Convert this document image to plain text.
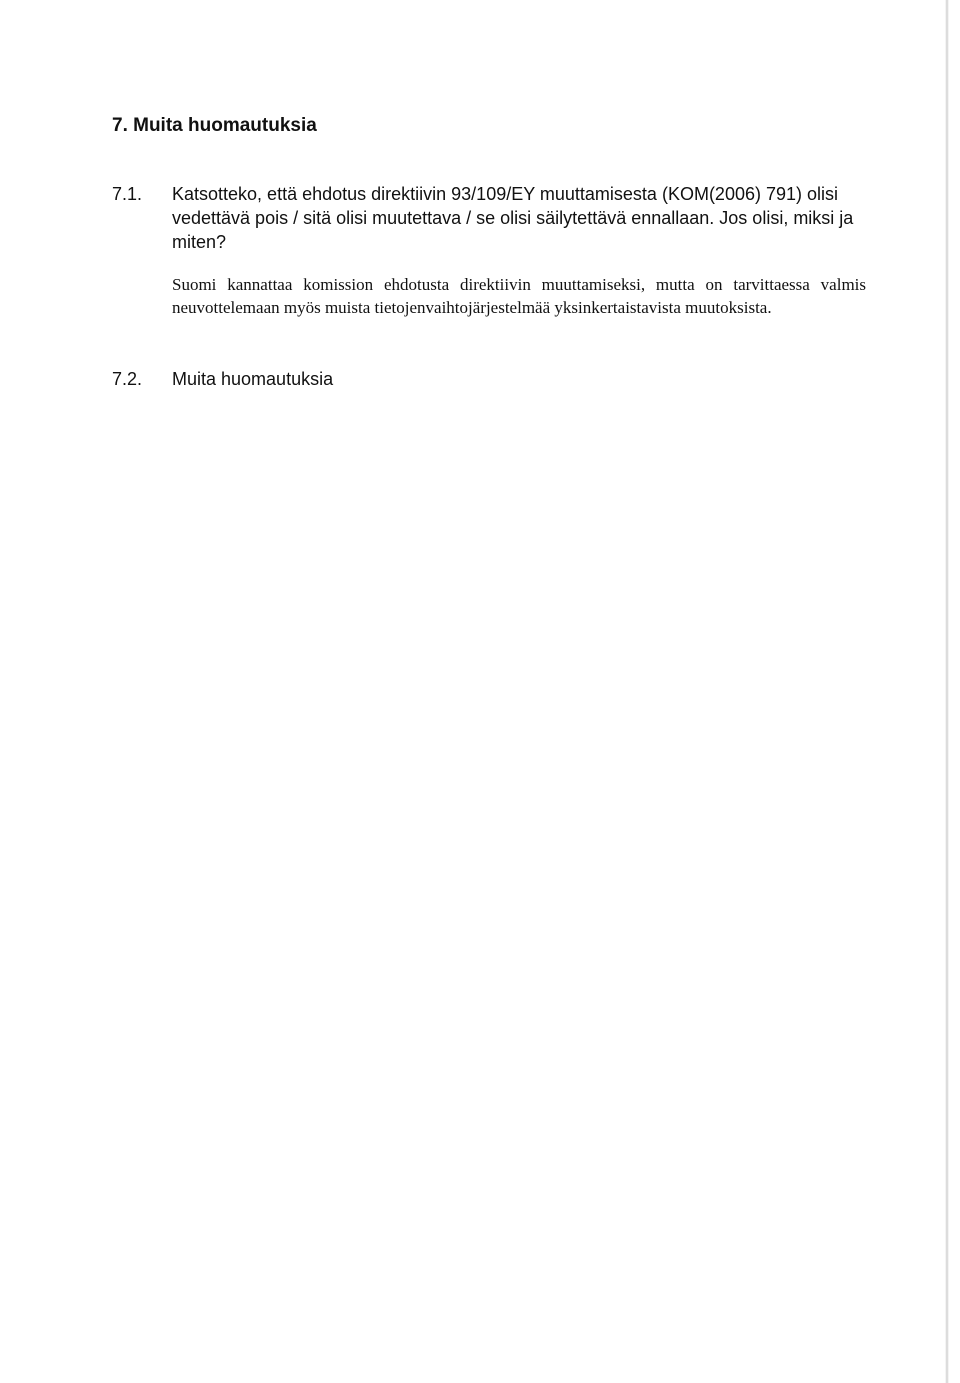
7. Muita huomautuksia
7.1. Katsotteko, että ehdotus direktiivin 93/109/EY muuttamisesta (KOM(2006) 791) olisi vedettävä pois / sitä olisi muutettava / se olisi säilytettävä ennallaan. Jos olisi, miksi ja miten?
Suomi kannattaa komission ehdotusta direktiivin muuttamiseksi, mutta on tarvittaessa valmis neuvottelemaan myös muista tietojenvaihtojärjestelmää yksinkertaistavista muutoksista.
7.2. Muita huomautuksia
